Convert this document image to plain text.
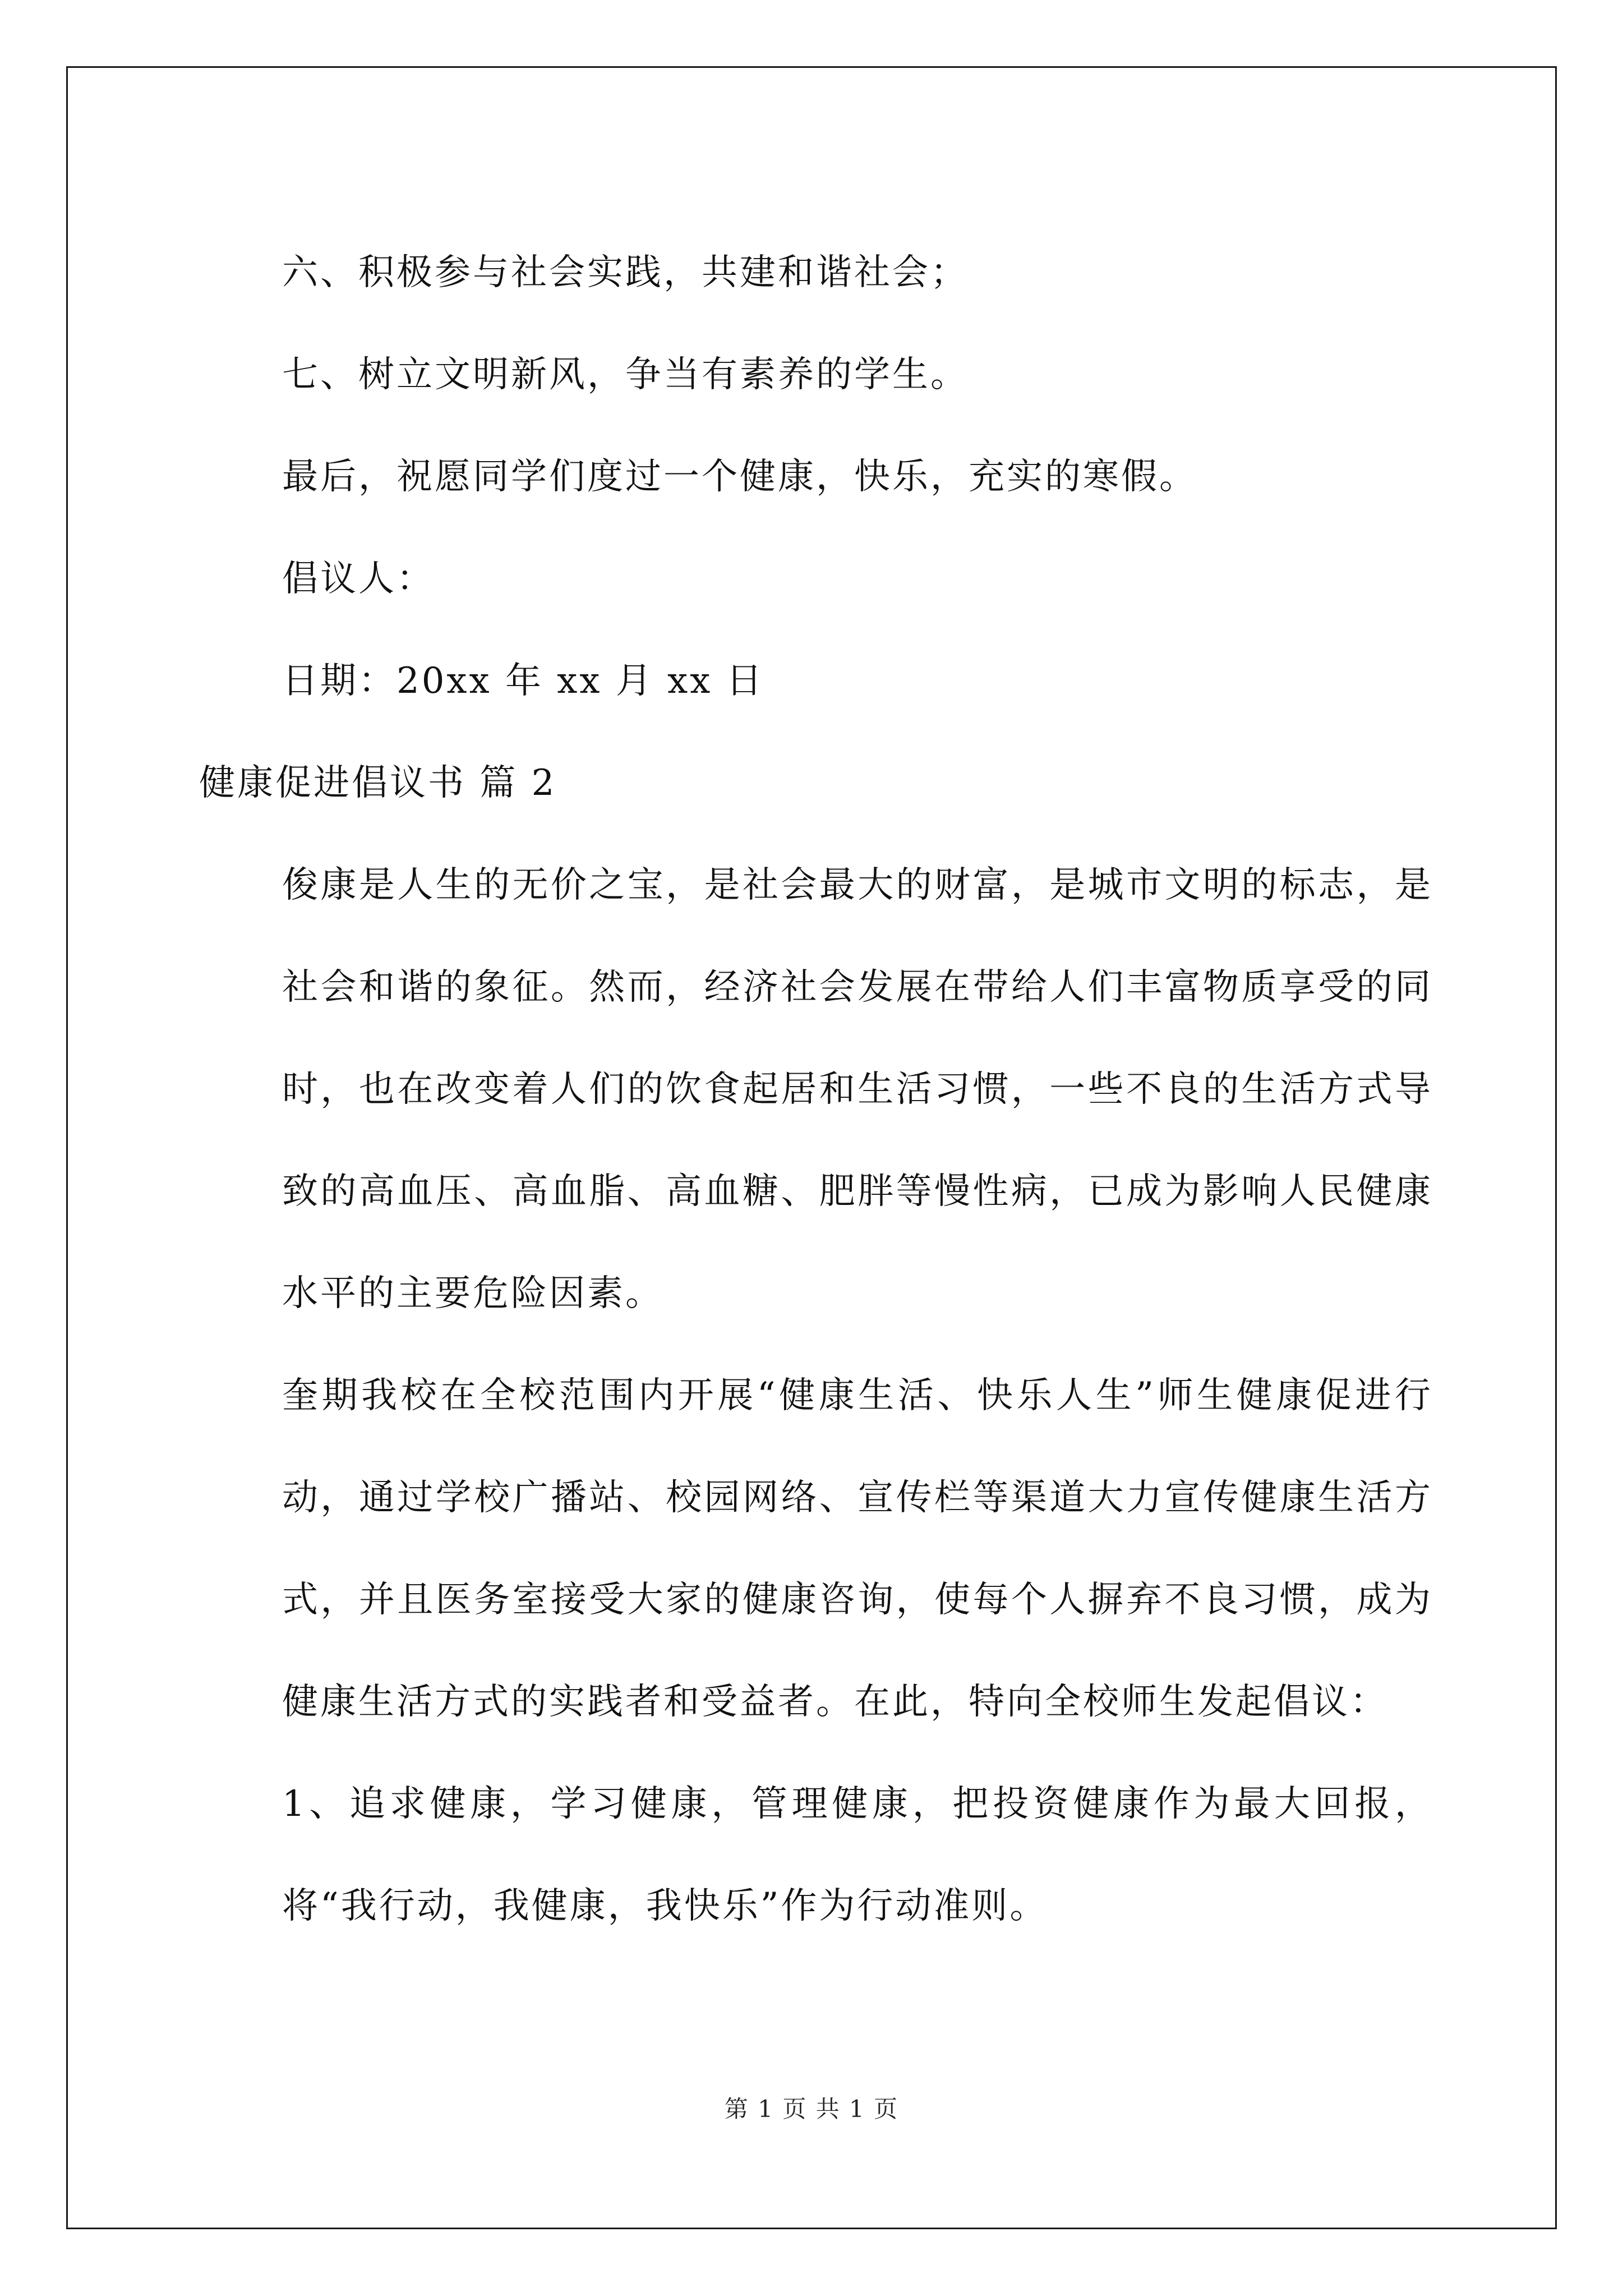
六、积极参与社会实践，共建和谐社会；

七、树立文明新风，争当有素养的学生。

最后，祝愿同学们度过一个健康，快乐，充实的寒假。

倡议人：

日期：20xx 年 xx 月 xx 日

健康促进倡议书 篇 2

俊康是人生的无价之宝，是社会最大的财富，是城市文明的标志，是社会和谐的象征。然而，经济社会发展在带给人们丰富物质享受的同时，也在改变着人们的饮食起居和生活习惯，一些不良的生活方式导致的高血压、高血脂、高血糖、肥胖等慢性病，已成为影响人民健康水平的主要危险因素。

奎期我校在全校范围内开展“健康生活、快乐人生”师生健康促进行动，通过学校广播站、校园网络、宣传栏等渠道大力宣传健康生活方式，并且医务室接受大家的健康咨询，使每个人摒弃不良习惯，成为健康生活方式的实践者和受益者。在此，特向全校师生发起倡议：

1、追求健康，学习健康，管理健康，把投资健康作为最大回报，将“我行动，我健康，我快乐”作为行动准则。

第 1 页 共 1 页
